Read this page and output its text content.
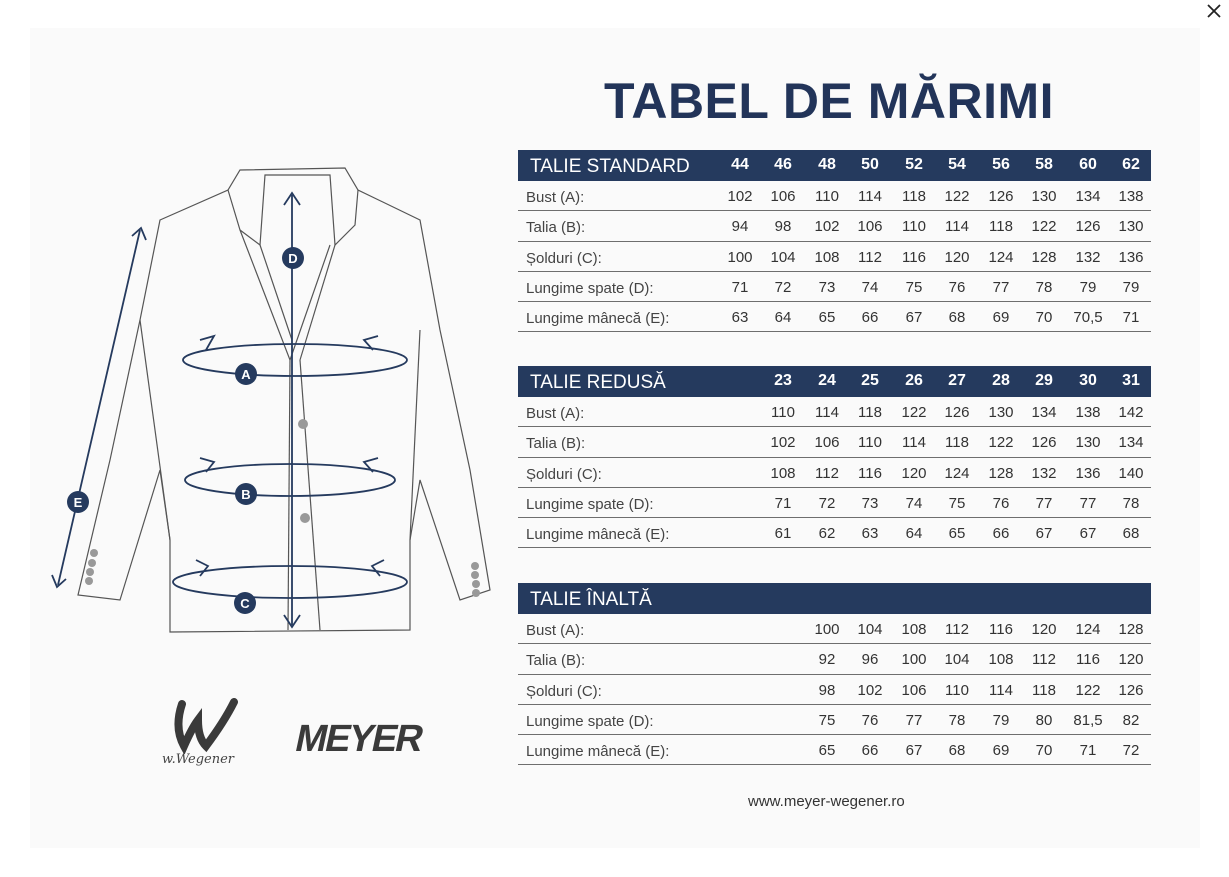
TABEL DE MĂRIMI
D
A
B
C
E
w.Wegener MEYER
TALIE STANDARD	44	46	48	50	52	54	56	58	60	62
Bust (A):	102	106	110	114	118	122	126	130	134	138
Talia (B):	94	98	102	106	110	114	118	122	126	130
Șolduri (C):	100	104	108	112	116	120	124	128	132	136
Lungime spate (D):	71	72	73	74	75	76	77	78	79	79
Lungime mânecă (E):	63	64	65	66	67	68	69	70	70,5	71
TALIE REDUSĂ	23	24	25	26	27	28	29	30	31
Bust (A):	110	114	118	122	126	130	134	138	142
Talia (B):	102	106	110	114	118	122	126	130	134
Șolduri (C):	108	112	116	120	124	128	132	136	140
Lungime spate (D):	71	72	73	74	75	76	77	77	78
Lungime mânecă (E):	61	62	63	64	65	66	67	67	68
TALIE ÎNALTĂ
Bust (A):	100	104	108	112	116	120	124	128
Talia (B):	92	96	100	104	108	112	116	120
Șolduri (C):	98	102	106	110	114	118	122	126
Lungime spate (D):	75	76	77	78	79	80	81,5	82
Lungime mânecă (E):	65	66	67	68	69	70	71	72
www.meyer-wegener.ro
